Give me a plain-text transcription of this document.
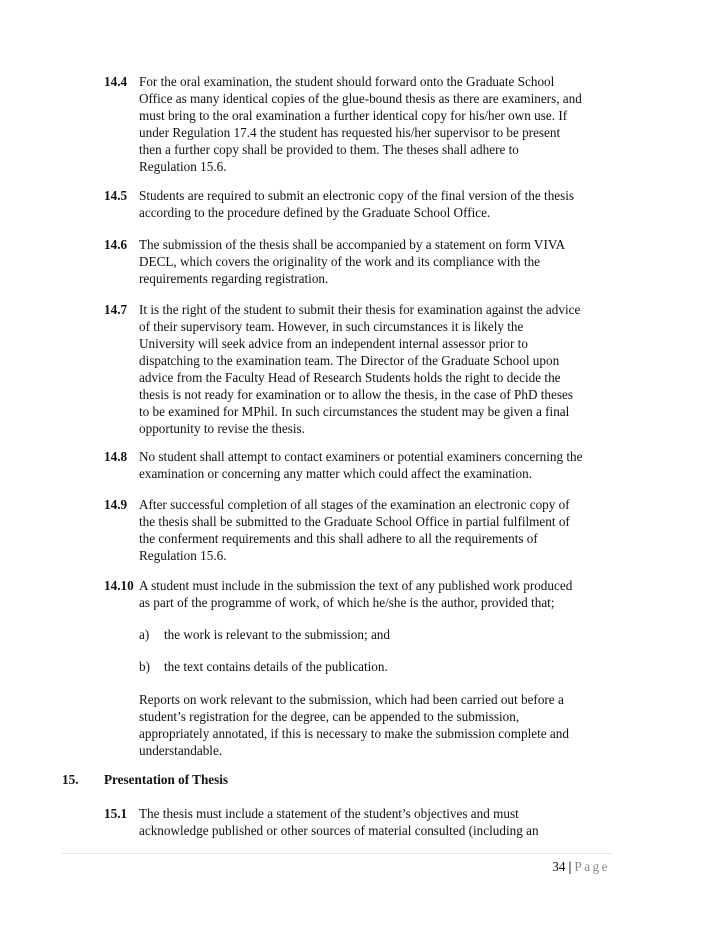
14.4 For the oral examination, the student should forward onto the Graduate School

Office as many identical copies of the glue-bound thesis as there are examiners, and

must bring to the oral examination a further identical copy for his/her own use. If

under Regulation 17.4 the student has requested his/her supervisor to be present

then a further copy shall be provided to them. The theses shall adhere to

Regulation 15.6.

14.5 Students are required to submit an electronic copy of the final version of the thesis

according to the procedure defined by the Graduate School Office.

14.6 The submission of the thesis shall be accompanied by a statement on form VIVA

DECL, which covers the originality of the work and its compliance with the

requirements regarding registration.

14.7 It is the right of the student to submit their thesis for examination against the advice

of their supervisory team. However, in such circumstances it is likely the

University will seek advice from an independent internal assessor prior to

dispatching to the examination team. The Director of the Graduate School upon

advice from the Faculty Head of Research Students holds the right to decide the

thesis is not ready for examination or to allow the thesis, in the case of PhD theses

to be examined for MPhil. In such circumstances the student may be given a final

opportunity to revise the thesis.

14.8 No student shall attempt to contact examiners or potential examiners concerning the

examination or concerning any matter which could affect the examination.

14.9 After successful completion of all stages of the examination an electronic copy of

the thesis shall be submitted to the Graduate School Office in partial fulfilment of

the conferment requirements and this shall adhere to all the requirements of

Regulation 15.6.

14.10 A student must include in the submission the text of any published work produced

as part of the programme of work, of which he/she is the author, provided that;

a) the work is relevant to the submission; and
b) the text contains details of the publication.
Reports on work relevant to the submission, which had been carried out before a
student’s registration for the degree, can be appended to the submission,
appropriately annotated, if this is necessary to make the submission complete and
understandable.
15. Presentation of Thesis
15.1 The thesis must include a statement of the student’s objectives and must

acknowledge published or other sources of material consulted (including an

34 | Page
